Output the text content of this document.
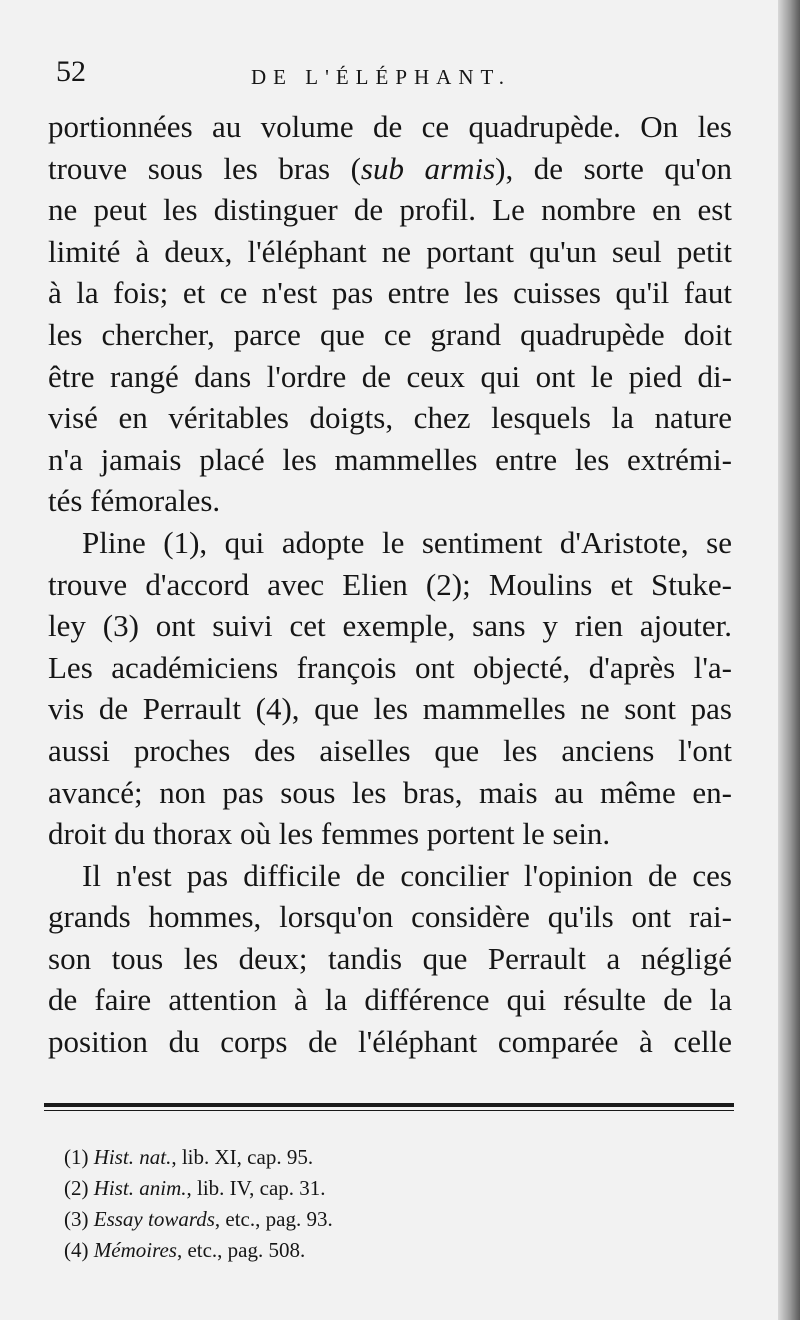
52	DE L'ÉLÉPHANT.
portionnées au volume de ce quadrupède. On les
trouve sous les bras (sub armis), de sorte qu'on
ne peut les distinguer de profil. Le nombre en est
limité à deux, l'éléphant ne portant qu'un seul petit
à la fois; et ce n'est pas entre les cuisses qu'il faut
les chercher, parce que ce grand quadrupède doit
être rangé dans l'ordre de ceux qui ont le pied di-
visé en véritables doigts, chez lesquels la nature
n'a jamais placé les mammelles entre les extrémi-
tés fémorales.
Pline (1), qui adopte le sentiment d'Aristote, se
trouve d'accord avec Elien (2); Moulins et Stuke-
ley (3) ont suivi cet exemple, sans y rien ajouter.
Les académiciens françois ont objecté, d'après l'a-
vis de Perrault (4), que les mammelles ne sont pas
aussi proches des aiselles que les anciens l'ont
avancé; non pas sous les bras, mais au même en-
droit du thorax où les femmes portent le sein.
Il n'est pas difficile de concilier l'opinion de ces
grands hommes, lorsqu'on considère qu'ils ont rai-
son tous les deux; tandis que Perrault a négligé
de faire attention à la différence qui résulte de la
position du corps de l'éléphant comparée à celle
(1) Hist. nat., lib. XI, cap. 95.
(2) Hist. anim., lib. IV, cap. 31.
(3) Essay towards, etc., pag. 93.
(4) Mémoires, etc., pag. 508.
